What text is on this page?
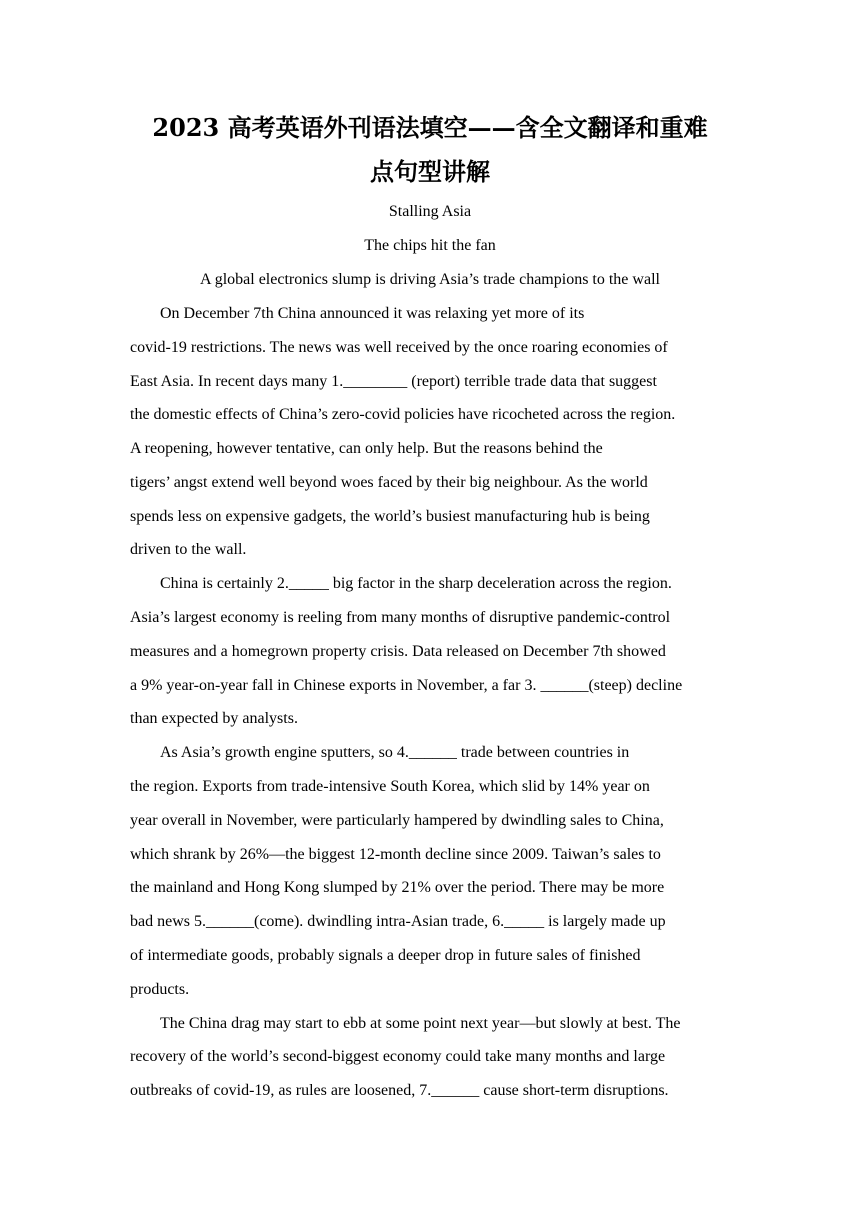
2023 高考英语外刊语法填空——含全文翻译和重难
点句型讲解
Stalling Asia
The chips hit the fan
A global electronics slump is driving Asia’s trade champions to the wall
On December 7th China announced it was relaxing yet more of its
covid-19 restrictions. The news was well received by the once roaring economies of
East Asia. In recent days many 1.________ (report) terrible trade data that suggest
the domestic effects of China’s zero-covid policies have ricocheted across the region.
A reopening, however tentative, can only help. But the reasons behind the
tigers’ angst extend well beyond woes faced by their big neighbour. As the world
spends less on expensive gadgets, the world’s busiest manufacturing hub is being
driven to the wall.
China is certainly 2._____ big factor in the sharp deceleration across the region.
Asia’s largest economy is reeling from many months of disruptive pandemic-control
measures and a homegrown property crisis. Data released on December 7th showed
a 9% year-on-year fall in Chinese exports in November, a far 3. ______(steep) decline
than expected by analysts.
As Asia’s growth engine sputters, so 4.______ trade between countries in
the region. Exports from trade-intensive South Korea, which slid by 14% year on
year overall in November, were particularly hampered by dwindling sales to China,
which shrank by 26%—the biggest 12-month decline since 2009. Taiwan’s sales to
the mainland and Hong Kong slumped by 21% over the period. There may be more
bad news 5.______(come). dwindling intra-Asian trade, 6._____ is largely made up
of intermediate goods, probably signals a deeper drop in future sales of finished
products.
The China drag may start to ebb at some point next year—but slowly at best. The
recovery of the world’s second-biggest economy could take many months and large
outbreaks of covid-19, as rules are loosened, 7.______ cause short-term disruptions.
